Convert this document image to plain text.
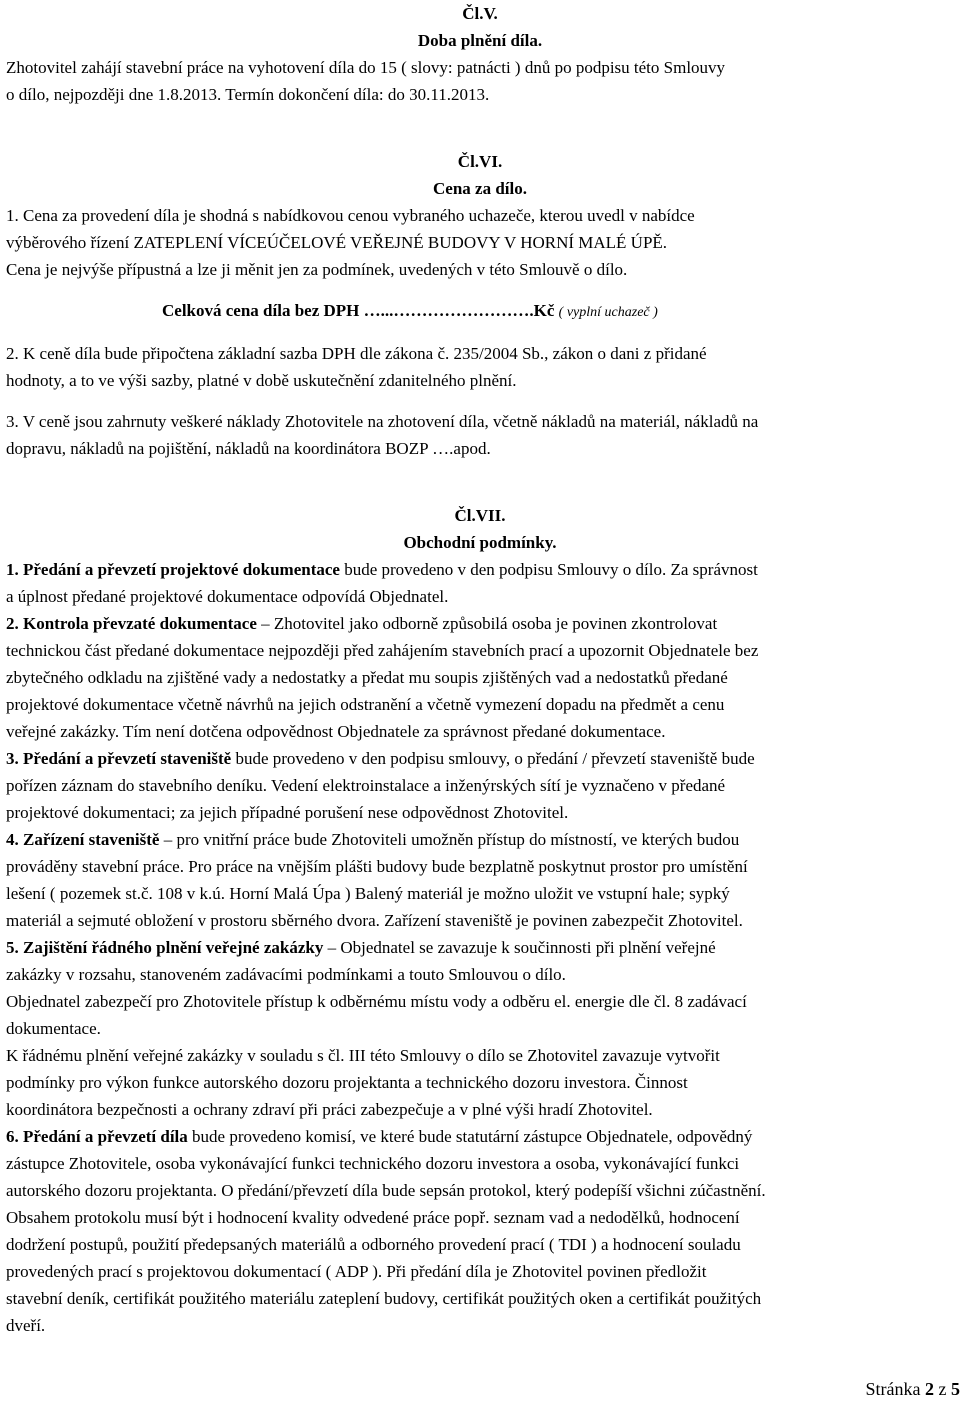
Čl.V.
Doba plnění díla.
Zhotovitel zahájí stavební práce na vyhotovení díla do 15 ( slovy: patnácti ) dnů po podpisu této Smlouvy
o dílo, nejpozději dne 1.8.2013. Termín dokončení díla: do 30.11.2013.
Čl.VI.
Cena za dílo.
1. Cena za provedení díla je shodná s nabídkovou cenou vybraného uchazeče, kterou uvedl v nabídce
výběrového řízení ZATEPLENÍ VÍCEÚČELOVÉ VEŘEJNÉ BUDOVY V HORNÍ MALÉ ÚPĚ.
Cena je nejvýše přípustná a lze ji měnit jen za podmínek, uvedených v této Smlouvě o dílo.
Celková cena díla bez DPH …...…………………….Kč ( vyplní uchazeč )
2. K ceně díla bude připočtena základní sazba DPH dle zákona č. 235/2004 Sb., zákon o dani z přidané
hodnoty, a to ve výši sazby, platné v době uskutečnění zdanitelného plnění.
3. V ceně jsou zahrnuty veškeré náklady Zhotovitele na zhotovení díla, včetně nákladů na materiál, nákladů na
dopravu, nákladů na pojištění, nákladů na koordinátora BOZP ….apod.
Čl.VII.
Obchodní podmínky.
1. Předání a převzetí projektové dokumentace bude provedeno v den podpisu Smlouvy o dílo. Za správnost
a úplnost předané projektové dokumentace odpovídá Objednatel.
2. Kontrola převzaté dokumentace – Zhotovitel jako odborně způsobilá osoba je povinen zkontrolovat
technickou část předané dokumentace nejpozději před zahájením stavebních prací a upozornit Objednatele bez
zbytečného odkladu na zjištěné vady a nedostatky a předat mu soupis zjištěných vad a nedostatků předané
projektové dokumentace včetně návrhů na jejich odstranění a včetně vymezení dopadu na předmět a cenu
veřejné zakázky. Tím není dotčena odpovědnost Objednatele za správnost předané dokumentace.
3. Předání a převzetí staveniště bude provedeno v den podpisu smlouvy, o předání / převzetí staveniště bude
pořízen záznam do stavebního deníku. Vedení elektroinstalace a inženýrských sítí je vyznačeno v předané
projektové dokumentaci; za jejich případné porušení nese odpovědnost Zhotovitel.
4. Zařízení staveniště – pro vnitřní práce bude Zhotoviteli umožněn přístup do místností, ve kterých budou
prováděny stavební práce. Pro práce na vnějším plášti budovy bude bezplatně poskytnut prostor pro umístění
lešení ( pozemek st.č. 108 v k.ú. Horní Malá Úpa ) Balený materiál je možno uložit ve vstupní hale; sypký
materiál a sejmuté obložení v prostoru sběrného dvora. Zařízení staveniště je povinen zabezpečit Zhotovitel.
5. Zajištění řádného plnění veřejné zakázky – Objednatel se zavazuje k součinnosti při plnění veřejné
zakázky v rozsahu, stanoveném zadávacími podmínkami a touto Smlouvou o dílo.
Objednatel zabezpečí pro Zhotovitele přístup k odběrnému místu vody a odběru el. energie dle čl. 8 zadávací
dokumentace.
K řádnému plnění veřejné zakázky v souladu s čl. III této Smlouvy o dílo se Zhotovitel zavazuje vytvořit
podmínky pro výkon funkce autorského dozoru projektanta a technického dozoru investora. Činnost
koordinátora bezpečnosti a ochrany zdraví při práci zabezpečuje a v plné výši hradí Zhotovitel.
6. Předání a převzetí díla bude provedeno komisí, ve které bude statutární zástupce Objednatele, odpovědný
zástupce Zhotovitele, osoba vykonávající funkci technického dozoru investora a osoba, vykonávající funkci
autorského dozoru projektanta. O předání/převzetí díla bude sepsán protokol, který podepíší všichni zúčastnění.
Obsahem protokolu musí být i hodnocení kvality odvedené práce popř. seznam vad a nedodělků, hodnocení
dodržení postupů, použití předepsaných materiálů a odborného provedení prací ( TDI ) a hodnocení souladu
provedených prací s projektovou dokumentací ( ADP ). Při předání díla je Zhotovitel povinen předložit
stavební deník, certifikát použitého materiálu zateplení budovy, certifikát použitých oken a certifikát použitých
dveří.
Stránka 2 z 5
